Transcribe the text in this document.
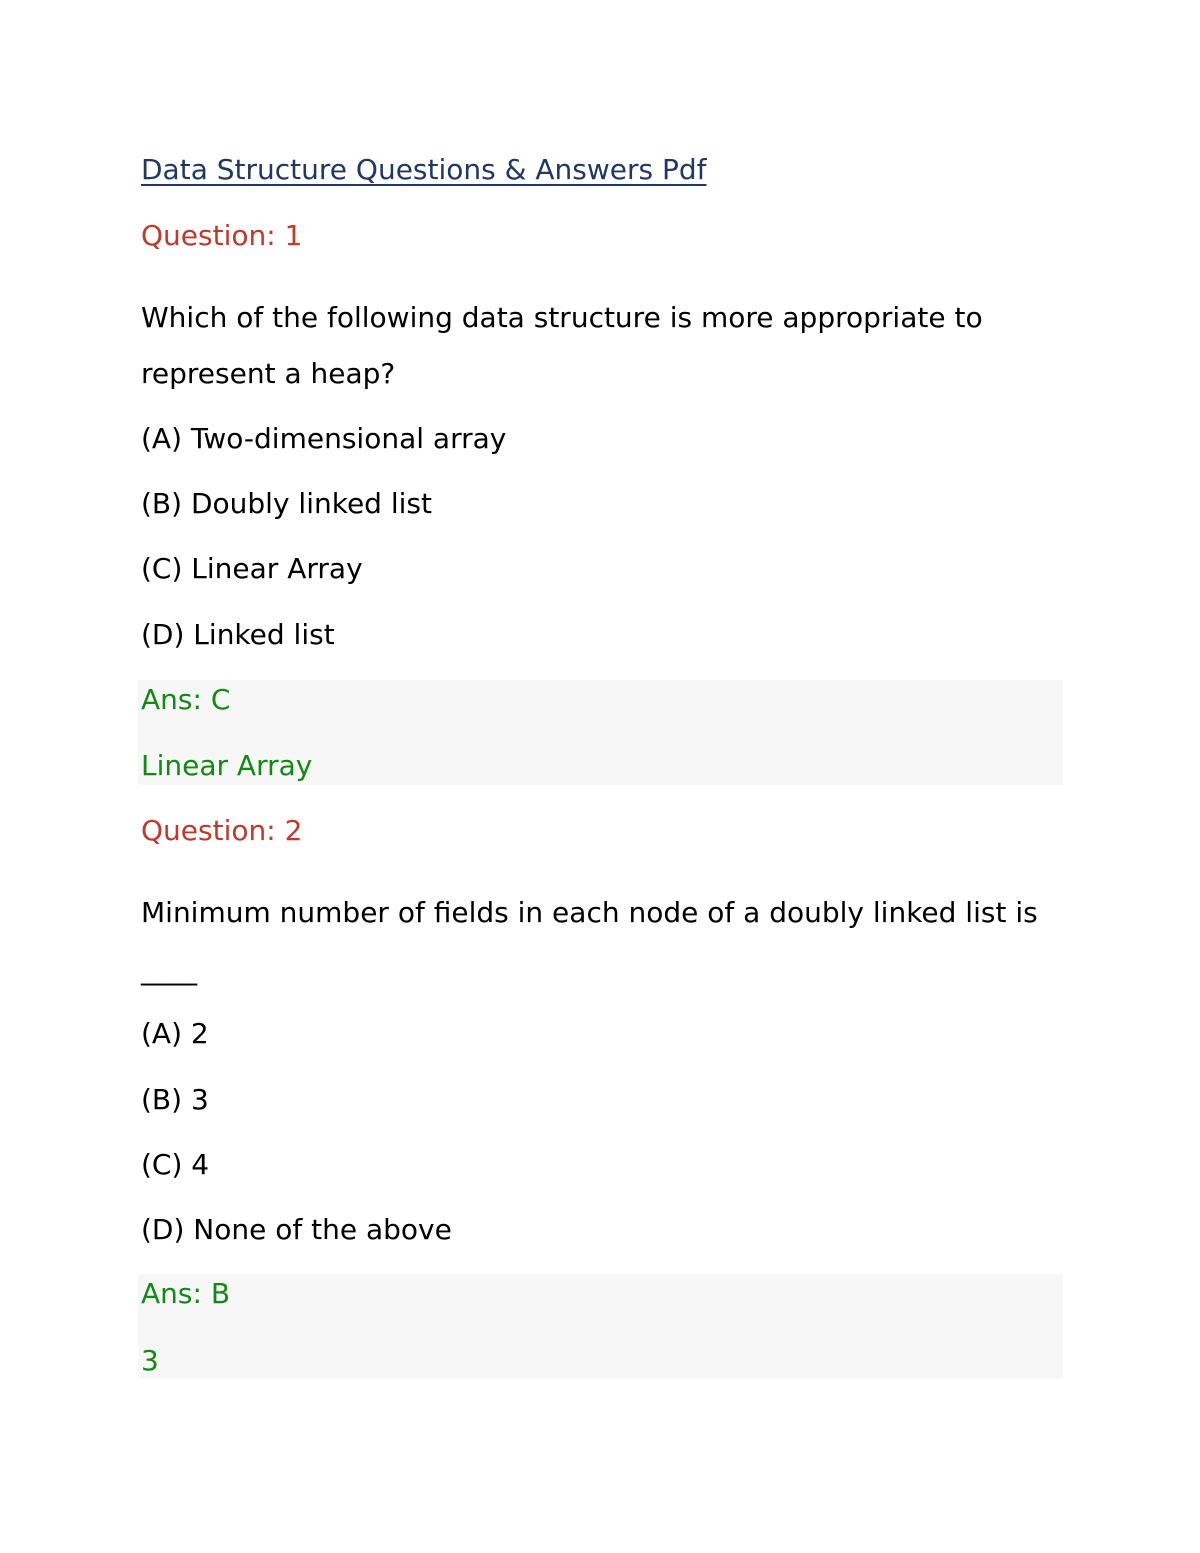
Data Structure Questions & Answers Pdf
Question: 1
Which of the following data structure is more appropriate to
represent a heap?
(A) Two-dimensional array
(B) Doubly linked list
(C) Linear Array
(D) Linked list
Ans: C
Linear Array
Question: 2
Minimum number of fields in each node of a doubly linked list is
____
(A) 2
(B) 3
(C) 4
(D) None of the above
Ans: B
3
